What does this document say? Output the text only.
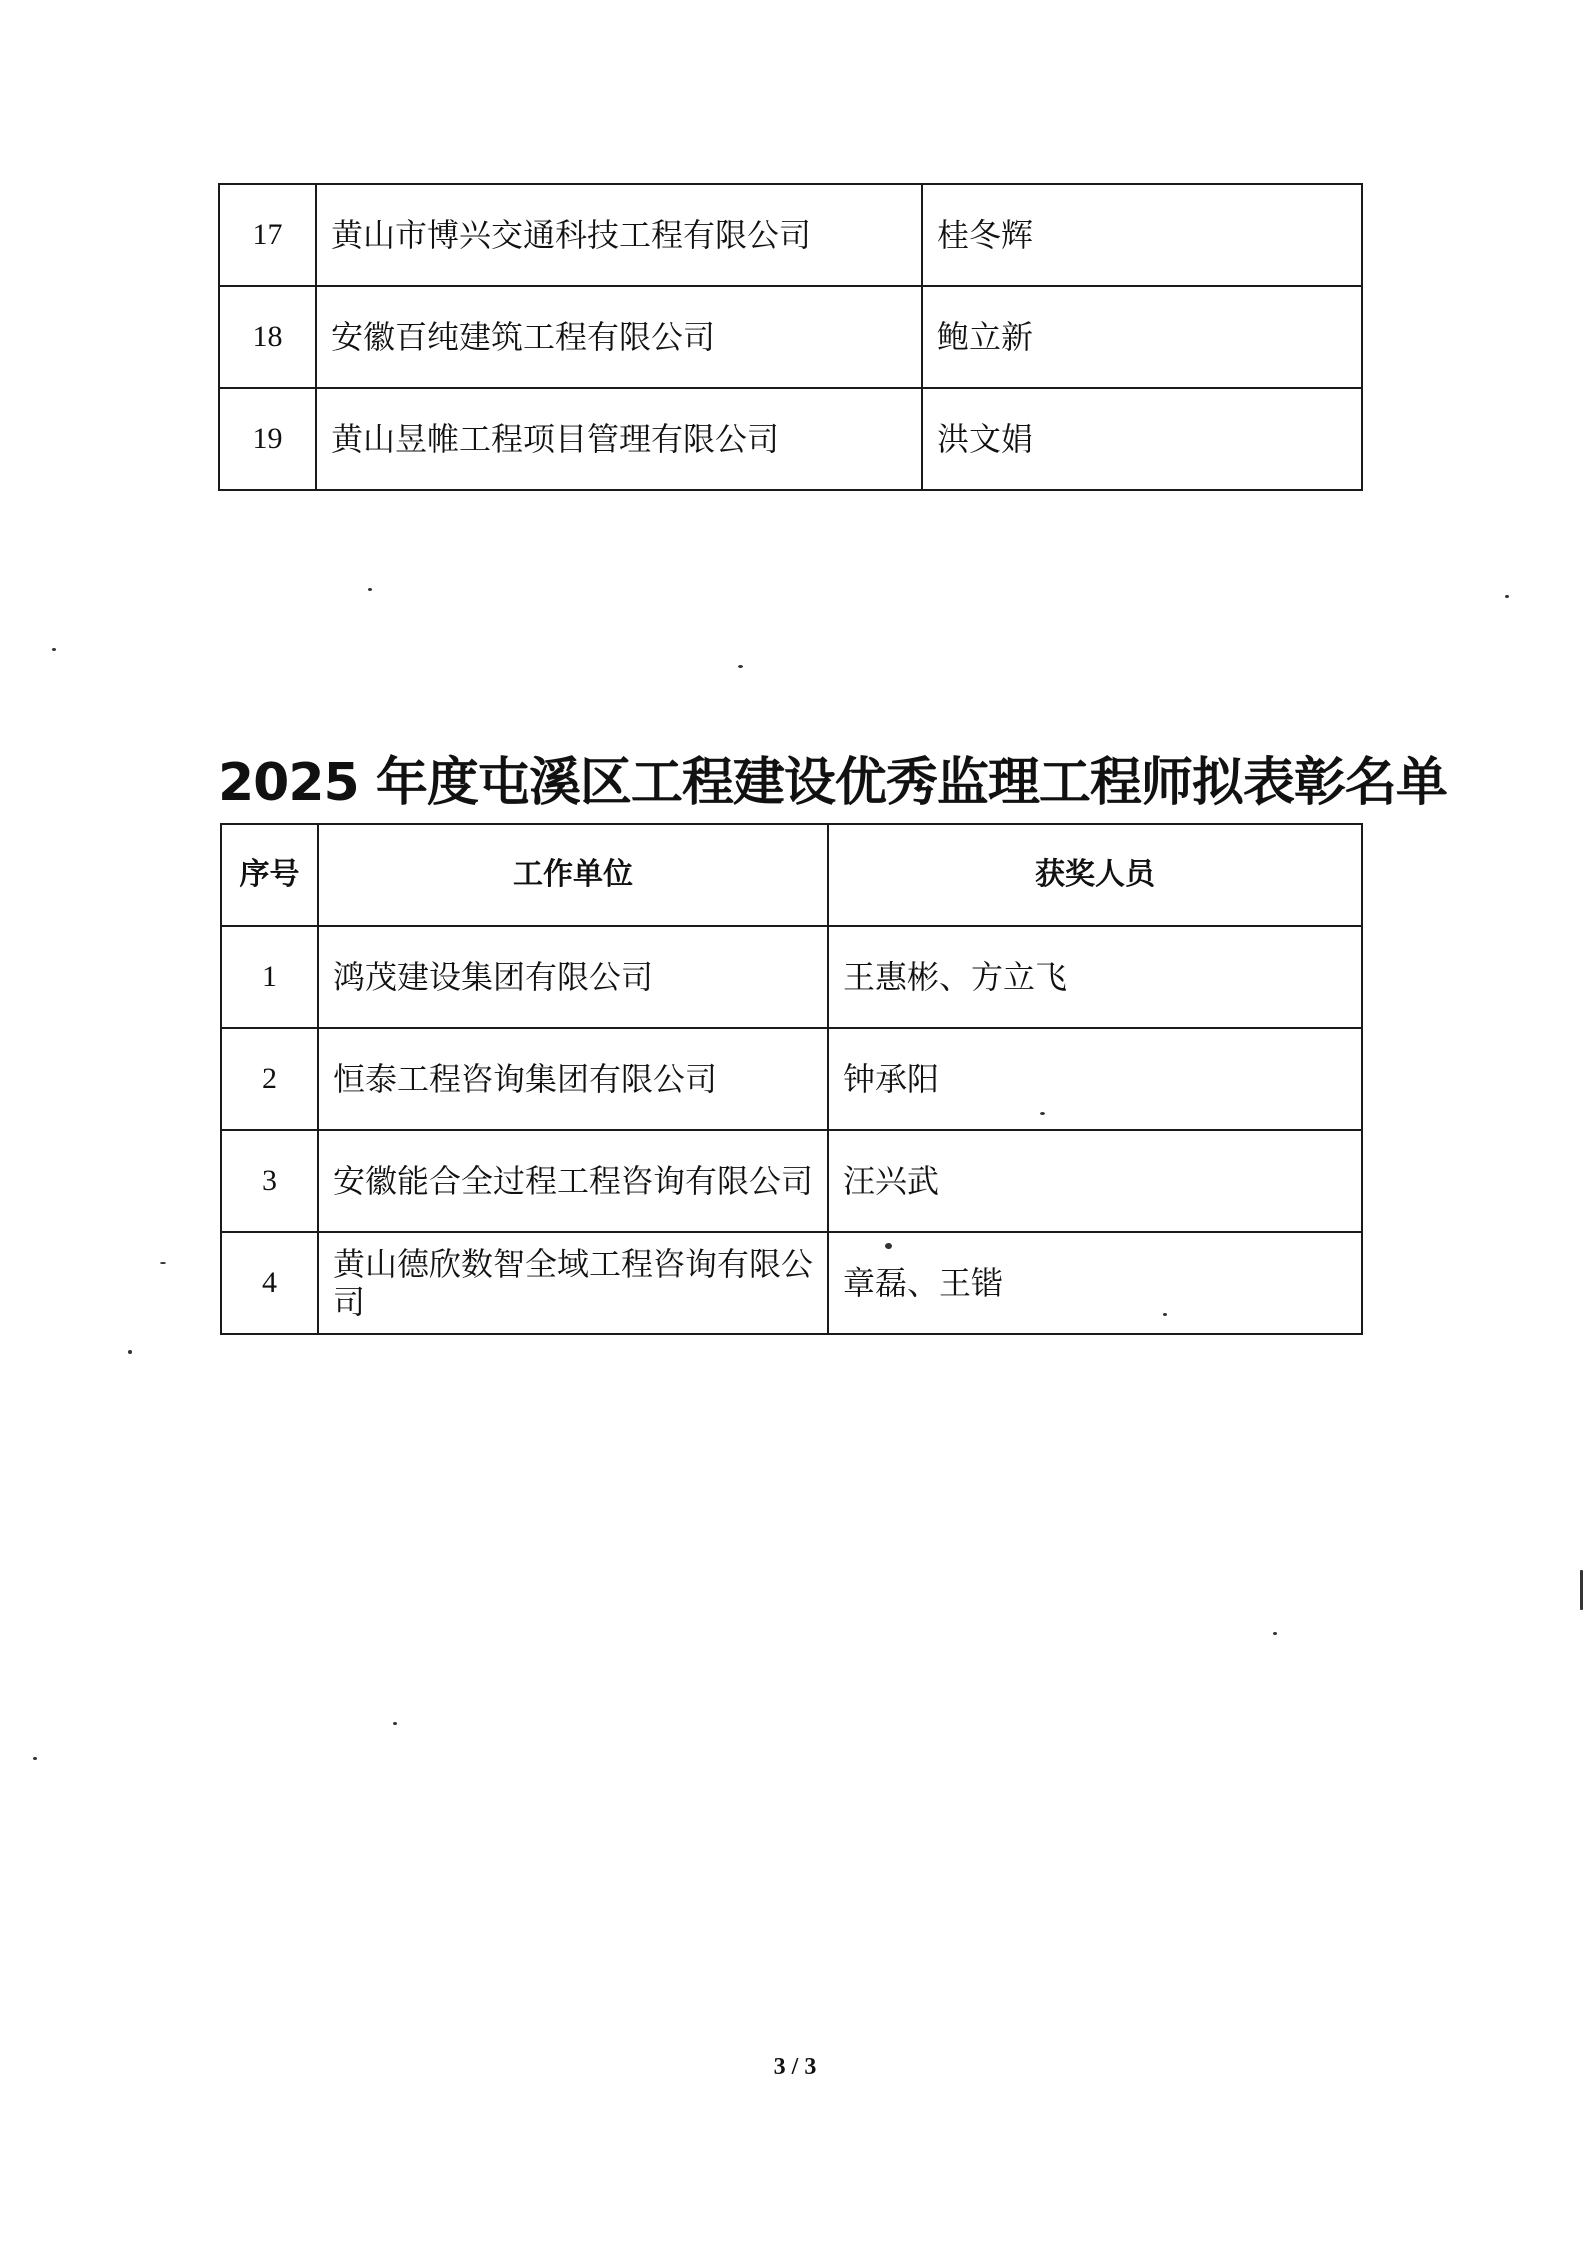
17	黄山市博兴交通科技工程有限公司	桂冬辉
18	安徽百纯建筑工程有限公司	鲍立新
19	黄山昱帷工程项目管理有限公司	洪文娟
2025 年度屯溪区工程建设优秀监理工程师拟表彰名单
序号	工作单位	获奖人员
1	鸿茂建设集团有限公司	王惠彬、方立飞
2	恒泰工程咨询集团有限公司	钟承阳
3	安徽能合全过程工程咨询有限公司	汪兴武
4	黄山德欣数智全域工程咨询有限公司	章磊、王锴
3 / 3
